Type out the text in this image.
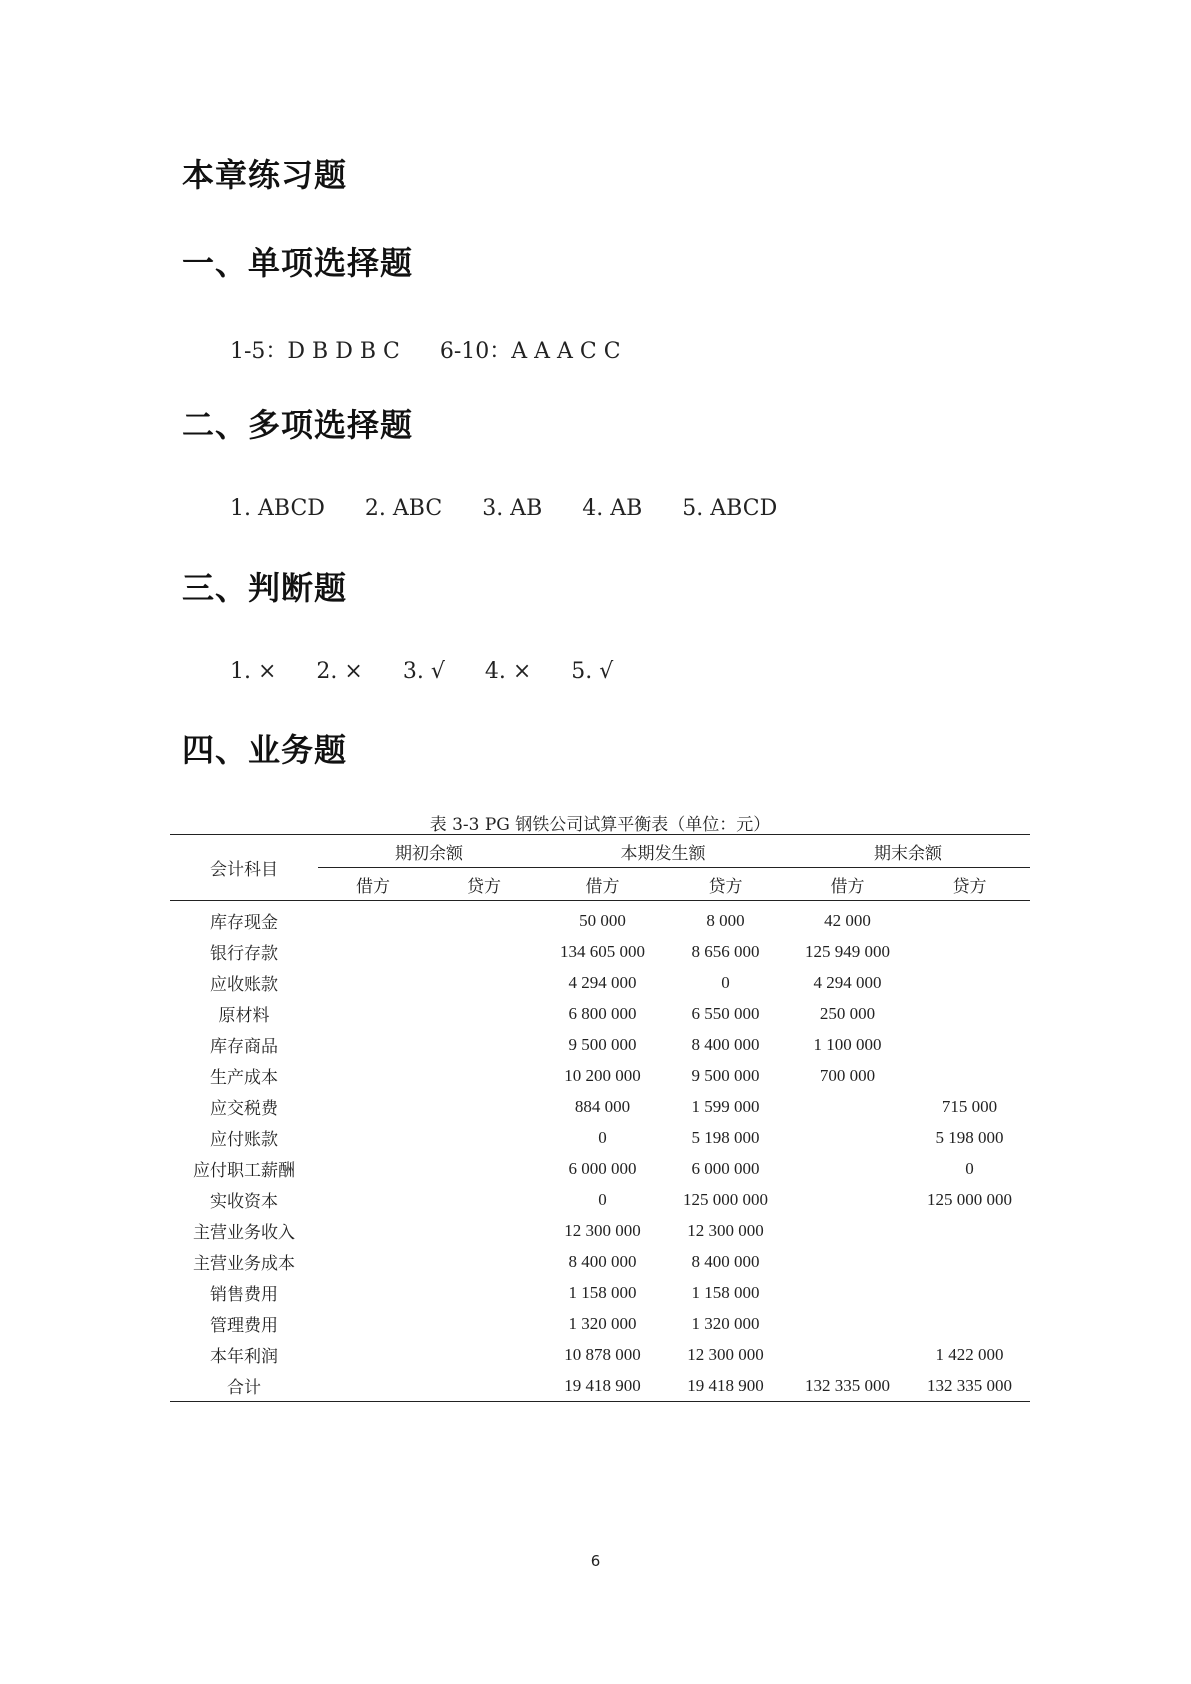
本章练习题
一、单项选择题
1-5：D B D B C 6-10：A A A C C
二、多项选择题
1. ABCD 2. ABC 3. AB 4. AB 5. ABCD
三、判断题
1. × 2. × 3. √ 4. × 5. √
四、业务题
表 3-3 PG 钢铁公司试算平衡表（单位：元）
会计科目	期初余额		本期发生额		期末余额	
	借方	贷方	借方	贷方	借方	贷方
库存现金			50 000	8 000	42 000	
银行存款			134 605 000	8 656 000	125 949 000	
应收账款			4 294 000	0	4 294 000	
原材料			6 800 000	6 550 000	250 000	
库存商品			9 500 000	8 400 000	1 100 000	
生产成本			10 200 000	9 500 000	700 000	
应交税费			884 000	1 599 000		715 000
应付账款			0	5 198 000		5 198 000
应付职工薪酬			6 000 000	6 000 000		0
实收资本			0	125 000 000		125 000 000
主营业务收入			12 300 000	12 300 000		
主营业务成本			8 400 000	8 400 000		
销售费用			1 158 000	1 158 000		
管理费用			1 320 000	1 320 000		
本年利润			10 878 000	12 300 000		1 422 000
合计			19 418 900	19 418 900	132 335 000	132 335 000
6
